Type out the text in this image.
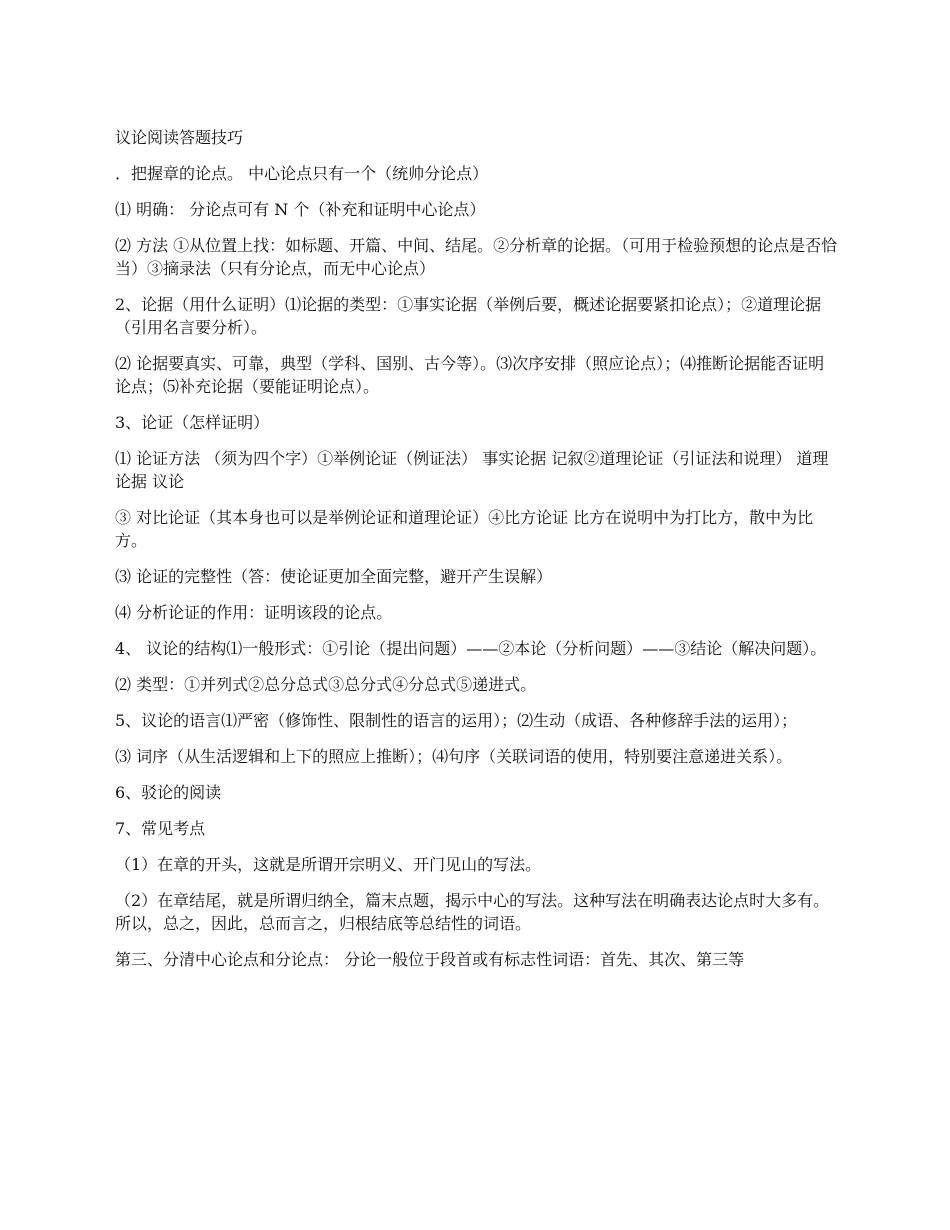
议论阅读答题技巧

．把握章的论点。 中心论点只有一个（统帅分论点）

⑴ 明确： 分论点可有 N 个（补充和证明中心论点）

⑵ 方法 ①从位置上找：如标题、开篇、中间、结尾。②分析章的论据。（可用于检验预想的论点是否恰当）③摘录法（只有分论点，而无中心论点）

2、论据（用什么证明）⑴论据的类型：①事实论据（举例后要，概述论据要紧扣论点）；②道理论据（引用名言要分析）。

⑵ 论据要真实、可靠，典型（学科、国别、古今等）。⑶次序安排（照应论点）；⑷推断论据能否证明论点；⑸补充论据（要能证明论点）。

3、论证（怎样证明）

⑴ 论证方法 （须为四个字）①举例论证（例证法） 事实论据 记叙②道理论证（引证法和说理） 道理论据 议论

③ 对比论证（其本身也可以是举例论证和道理论证）④比方论证 比方在说明中为打比方，散中为比方。

⑶ 论证的完整性（答：使论证更加全面完整，避开产生误解）

⑷ 分析论证的作用：证明该段的论点。

4、 议论的结构⑴一般形式：①引论（提出问题）——②本论（分析问题）——③结论（解决问题）。

⑵ 类型：①并列式②总分总式③总分式④分总式⑤递进式。

5、议论的语言⑴严密（修饰性、限制性的语言的运用）；⑵生动（成语、各种修辞手法的运用）；

⑶ 词序（从生活逻辑和上下的照应上推断）；⑷句序（关联词语的使用，特别要注意递进关系）。

6、驳论的阅读

7、常见考点

（1）在章的开头，这就是所谓开宗明义、开门见山的写法。

（2）在章结尾，就是所谓归纳全，篇末点题，揭示中心的写法。这种写法在明确表达论点时大多有。所以，总之，因此，总而言之，归根结底等总结性的词语。

第三、分清中心论点和分论点： 分论一般位于段首或有标志性词语：首先、其次、第三等
